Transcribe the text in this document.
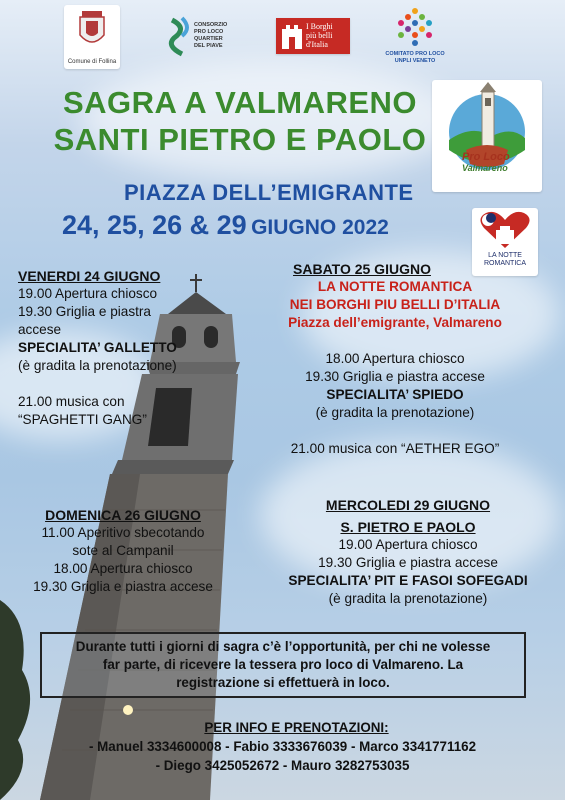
Comune di Follina
CONSORZIO
PRO LOCO
QUARTIER
DEL PIAVE
I Borghi
più belli
d'Italia
COMITATO PRO LOCO
UNPLI VENETO
Pro Loco
Valmareno
LA NOTTE
ROMANTICA
SAGRA A VALMARENO
SANTI PIETRO E PAOLO
PIAZZA DELL’EMIGRANTE
24, 25, 26 & 29 GIUGNO 2022
VENERDI 24 GIUGNO
19.00 Apertura chiosco
19.30 Griglia e piastra
accese
SPECIALITA’ GALLETTO
(è gradita la prenotazione)
21.00 musica con
“SPAGHETTI GANG”
SABATO 25 GIUGNO
LA NOTTE ROMANTICA
NEI BORGHI PIU BELLI D’ITALIA
Piazza dell’emigrante, Valmareno
18.00 Apertura chiosco
19.30 Griglia e piastra accese
SPECIALITA’ SPIEDO
(è gradita la prenotazione)
21.00 musica con “AETHER EGO”
DOMENICA 26 GIUGNO
11.00 Aperitivo sbecotando
sote al Campanil
18.00 Apertura chiosco
19.30 Griglia e piastra accese
MERCOLEDI 29 GIUGNO
S. PIETRO E PAOLO
19.00 Apertura chiosco
19.30 Griglia e piastra accese
SPECIALITA’ PIT E FASOI SOFEGADI
(è gradita la prenotazione)
Durante tutti i giorni di sagra c’è l’opportunità, per chi ne volesse
far parte, di ricevere la tessera pro loco di Valmareno. La
registrazione si effettuerà in loco.
PER INFO E PRENOTAZIONI:
- Manuel 3334600008 - Fabio 3333676039 - Marco 3341771162
- Diego 3425052672 - Mauro 3282753035
